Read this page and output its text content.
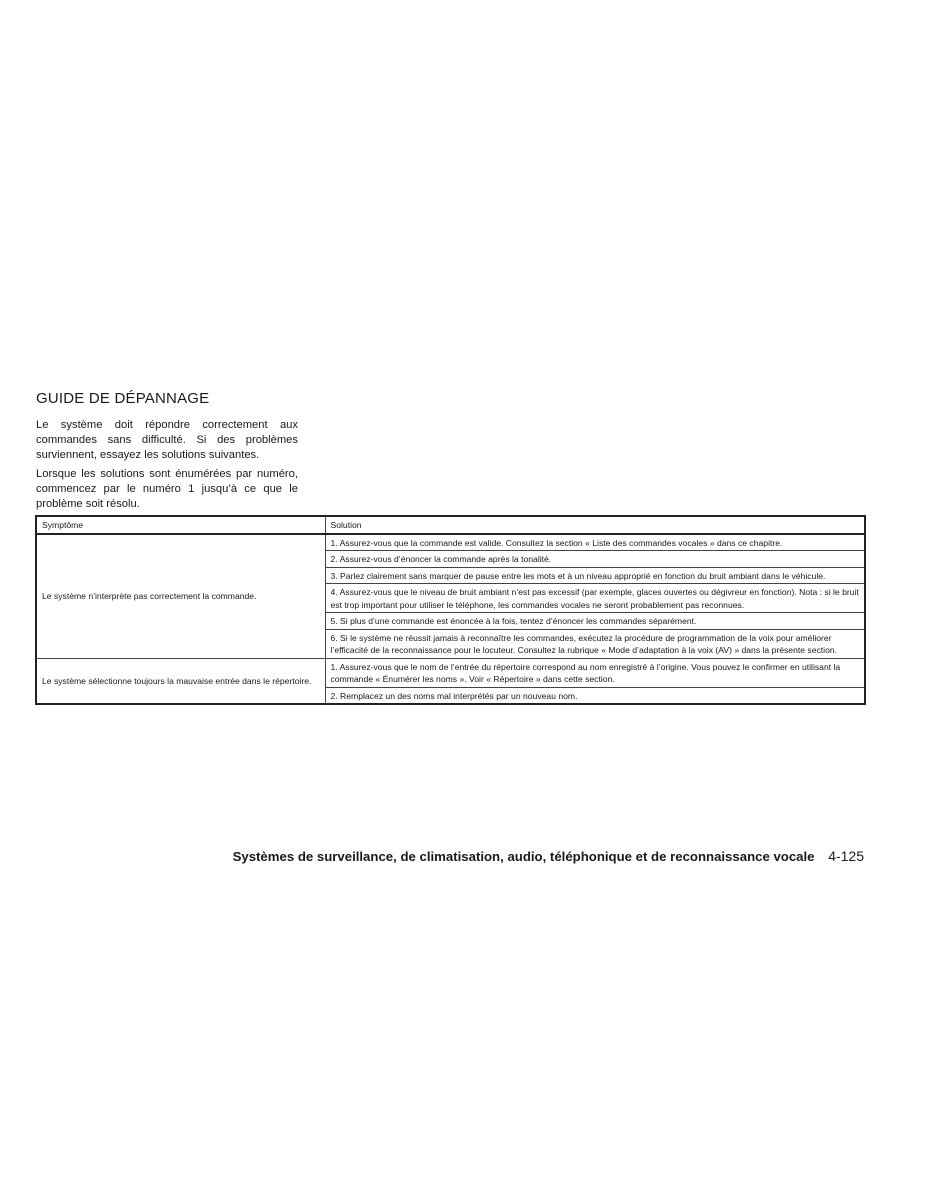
GUIDE DE DÉPANNAGE

Le système doit répondre correctement aux commandes sans difficulté. Si des problèmes surviennent, essayez les solutions suivantes.

Lorsque les solutions sont énumérées par numéro, commencez par le numéro 1 jusqu’à ce que le problème soit résolu.

Symptôme	Solution
Le système n’interprète pas correctement la commande.	1. Assurez-vous que la commande est valide. Consultez la section « Liste des commandes vocales » dans ce chapitre.
	2. Assurez-vous d’énoncer la commande après la tonalité.
	3. Parlez clairement sans marquer de pause entre les mots et à un niveau approprié en fonction du bruit ambiant dans le véhicule.
	4. Assurez-vous que le niveau de bruit ambiant n’est pas excessif (par exemple, glaces ouvertes ou dégivreur en fonction). Nota : si le bruit est trop important pour utiliser le téléphone, les commandes vocales ne seront probablement pas reconnues.
	5. Si plus d’une commande est énoncée à la fois, tentez d’énoncer les commandes séparément.
	6. Si le système ne réussit jamais à reconnaître les commandes, exécutez la procédure de programmation de la voix pour améliorer l’efficacité de la reconnaissance pour le locuteur. Consultez la rubrique « Mode d’adaptation à la voix (AV) » dans la présente section.
Le système sélectionne toujours la mauvaise entrée dans le répertoire.	1. Assurez-vous que le nom de l’entrée du répertoire correspond au nom enregistré à l’origine. Vous pouvez le confirmer en utilisant la commande « Énumérer les noms ». Voir « Répertoire » dans cette section.
	2. Remplacez un des noms mal interprétés par un nouveau nom.
Systèmes de surveillance, de climatisation, audio, téléphonique et de reconnaissance vocale 4-125
